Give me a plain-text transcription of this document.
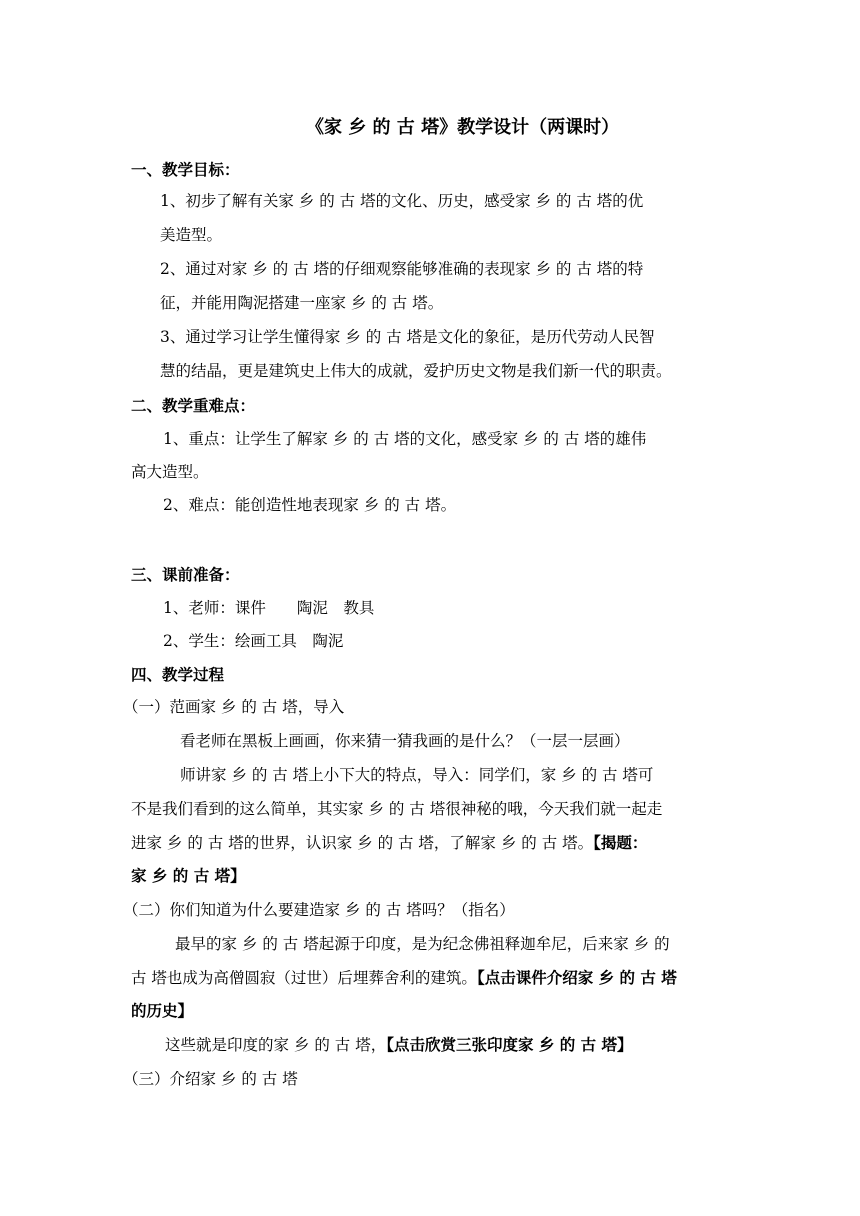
《家 乡 的 古 塔》教学设计（两课时）
一、教学目标：
1、初步了解有关家 乡 的 古 塔的文化、历史，感受家 乡 的 古 塔的优
美造型。
2、通过对家 乡 的 古 塔的仔细观察能够准确的表现家 乡 的 古 塔的特
征，并能用陶泥搭建一座家 乡 的 古 塔。
3、通过学习让学生懂得家 乡 的 古 塔是文化的象征，是历代劳动人民智
慧的结晶，更是建筑史上伟大的成就，爱护历史文物是我们新一代的职责。
二、教学重难点：
1、重点：让学生了解家 乡 的 古 塔的文化，感受家 乡 的 古 塔的雄伟
高大造型。
2、难点：能创造性地表现家 乡 的 古 塔。
三、课前准备：
1、老师：课件　　陶泥　教具
2、学生：绘画工具　陶泥
四、教学过程
（一）范画家 乡 的 古 塔，导入
看老师在黑板上画画，你来猜一猜我画的是什么？（一层一层画）
师讲家 乡 的 古 塔上小下大的特点，导入：同学们，家 乡 的 古 塔可
不是我们看到的这么简单，其实家 乡 的 古 塔很神秘的哦，今天我们就一起走
进家 乡 的 古 塔的世界，认识家 乡 的 古 塔，了解家 乡 的 古 塔。【揭题：
家 乡 的 古 塔】
（二）你们知道为什么要建造家 乡 的 古 塔吗？（指名）
最早的家 乡 的 古 塔起源于印度，是为纪念佛祖释迦牟尼，后来家 乡 的
古 塔也成为高僧圆寂（过世）后埋葬舍利的建筑。【点击课件介绍家 乡 的 古 塔
的历史】
这些就是印度的家 乡 的 古 塔，【点击欣赏三张印度家 乡 的 古 塔】
（三）介绍家 乡 的 古 塔
